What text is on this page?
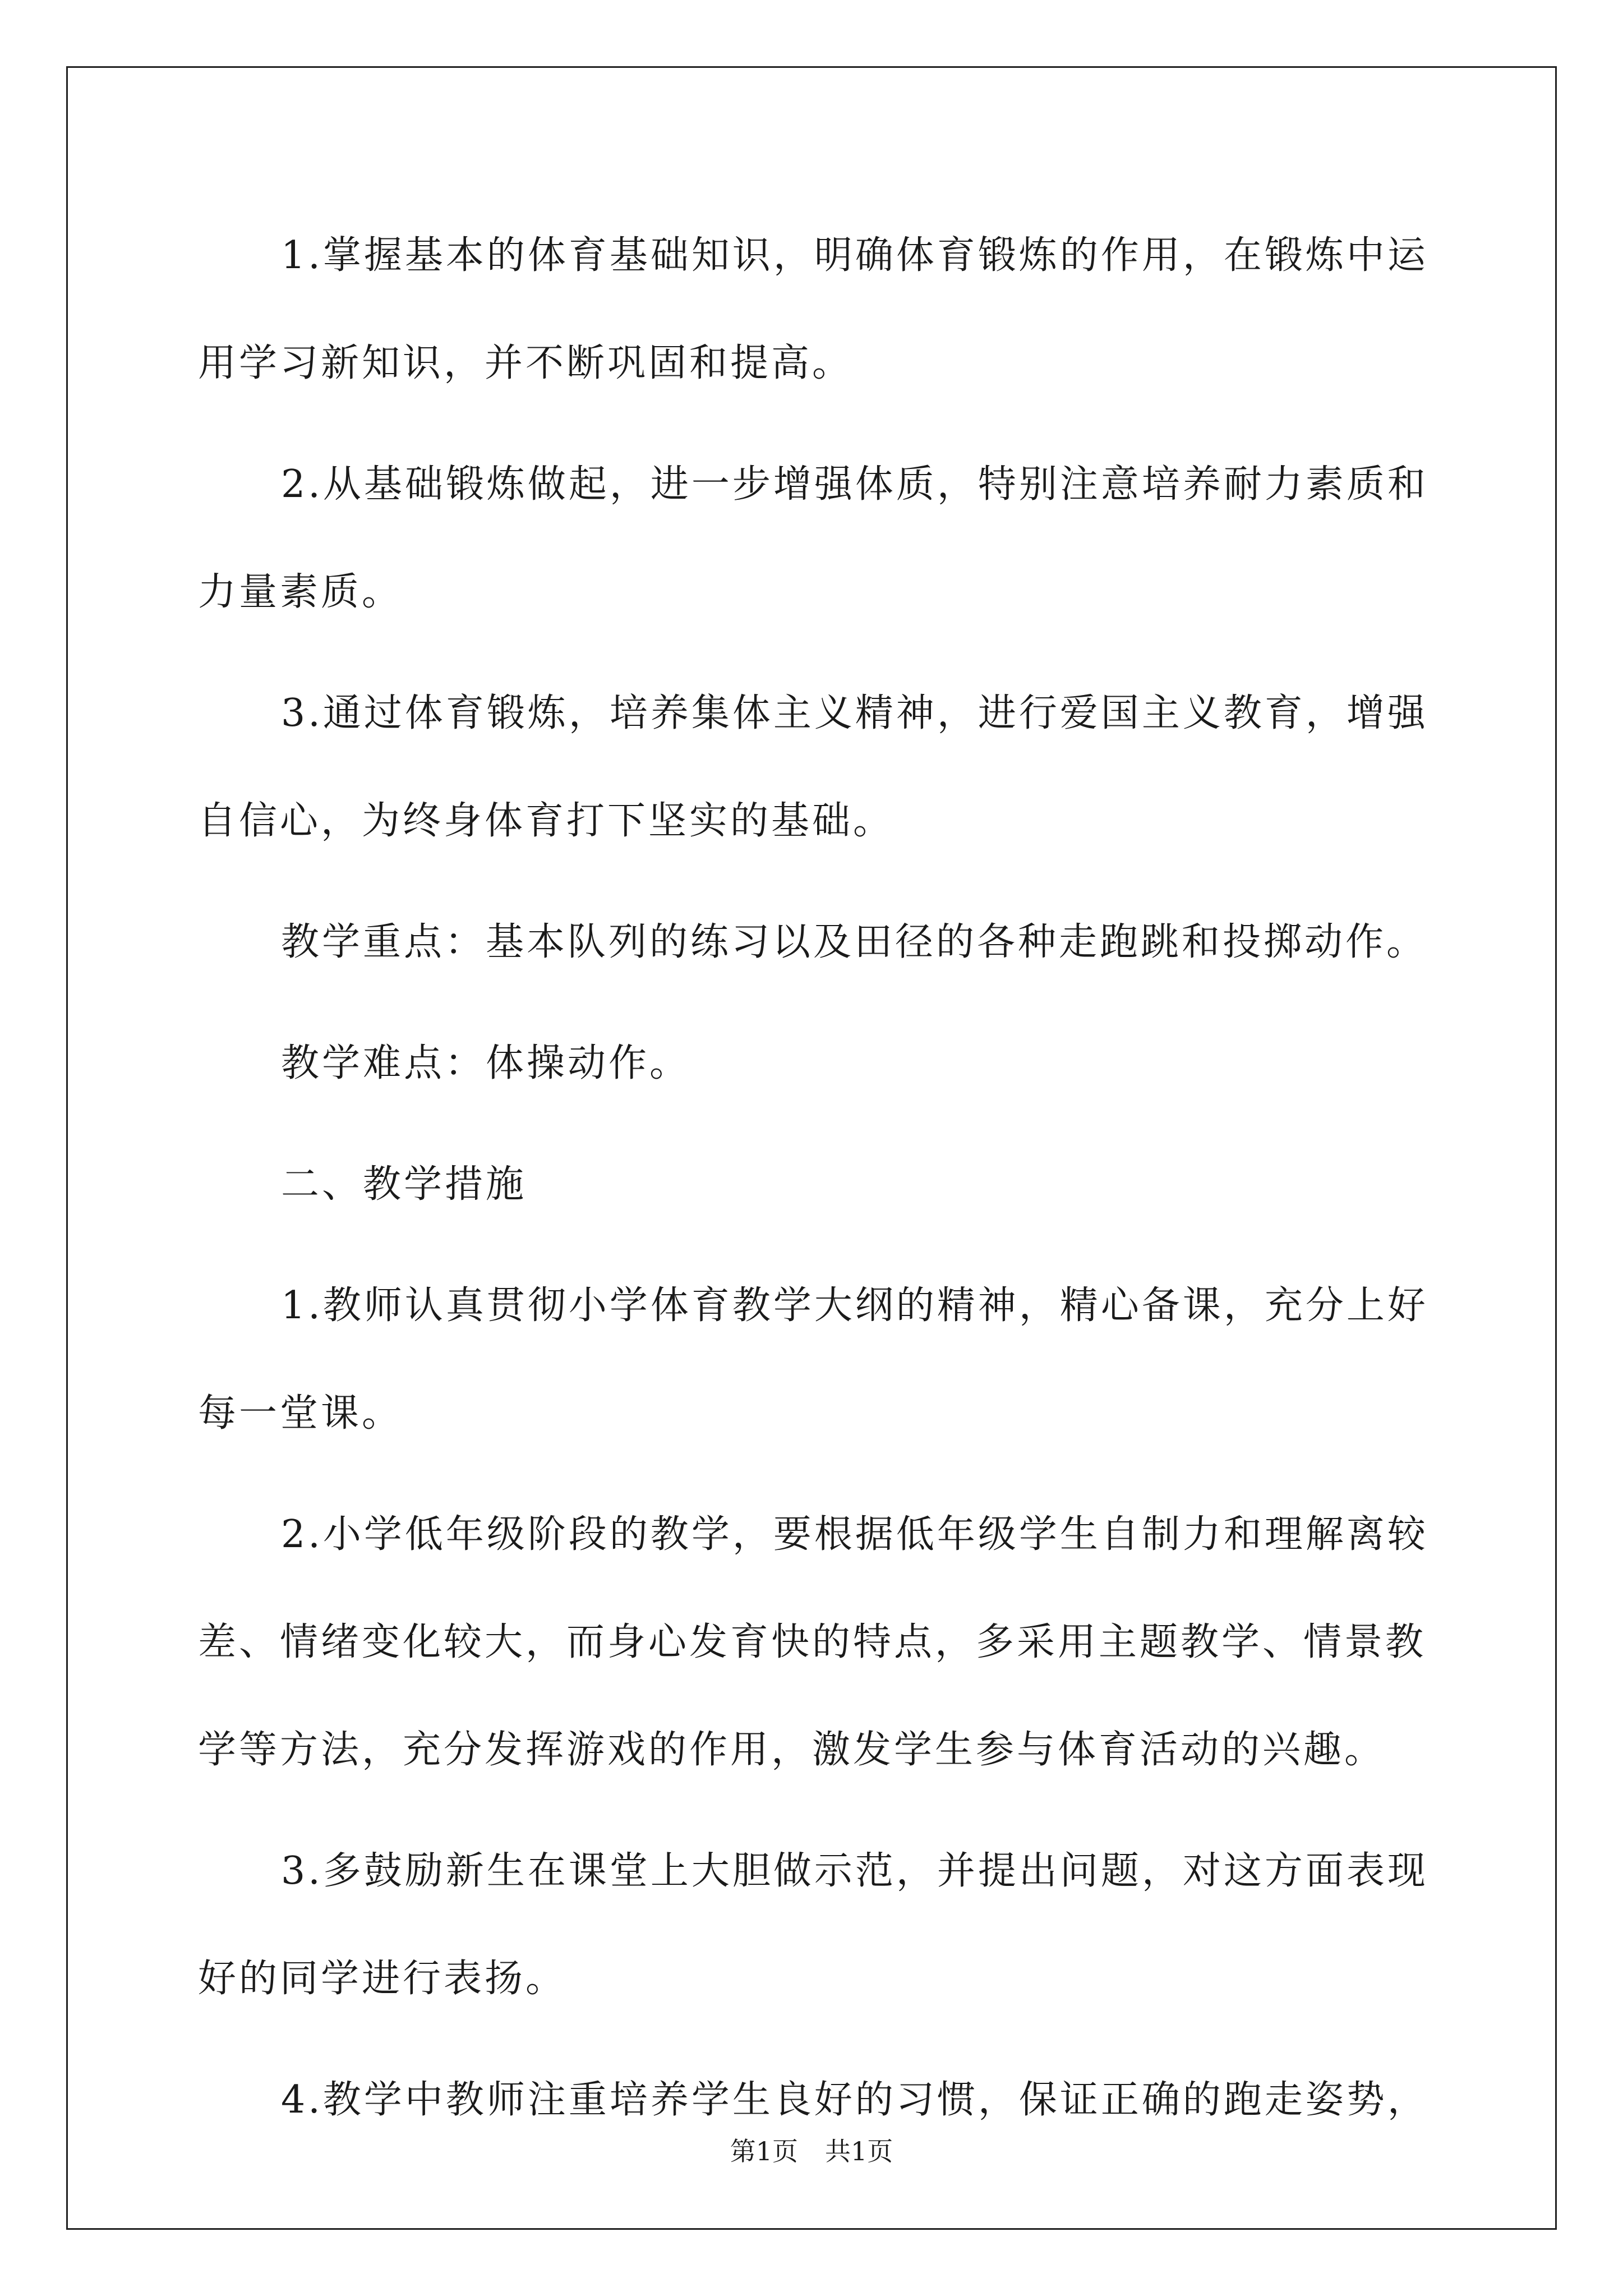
1.掌握基本的体育基础知识，明确体育锻炼的作用，在锻炼中运用学习新知识，并不断巩固和提高。

2.从基础锻炼做起，进一步增强体质，特别注意培养耐力素质和力量素质。

3.通过体育锻炼，培养集体主义精神，进行爱国主义教育，增强自信心，为终身体育打下坚实的基础。

教学重点：基本队列的练习以及田径的各种走跑跳和投掷动作。

教学难点：体操动作。

二、教学措施

1.教师认真贯彻小学体育教学大纲的精神，精心备课，充分上好每一堂课。

2.小学低年级阶段的教学，要根据低年级学生自制力和理解离较差、情绪变化较大，而身心发育快的特点，多采用主题教学、情景教学等方法，充分发挥游戏的作用，激发学生参与体育活动的兴趣。

3.多鼓励新生在课堂上大胆做示范，并提出问题，对这方面表现好的同学进行表扬。

4.教学中教师注重培养学生良好的习惯，保证正确的跑走姿势，

第1页 共1页
